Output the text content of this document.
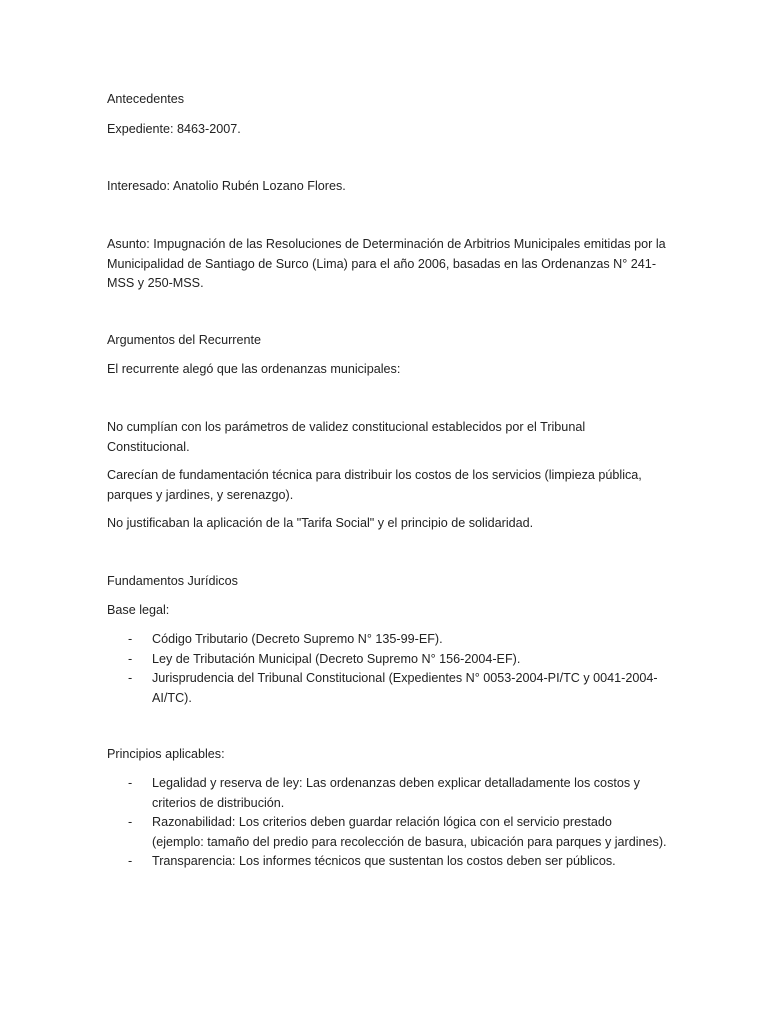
Antecedentes
Expediente: 8463-2007.
Interesado: Anatolio Rubén Lozano Flores.
Asunto: Impugnación de las Resoluciones de Determinación de Arbitrios Municipales emitidas por la Municipalidad de Santiago de Surco (Lima) para el año 2006, basadas en las Ordenanzas N° 241-MSS y 250-MSS.
Argumentos del Recurrente
El recurrente alegó que las ordenanzas municipales:
No cumplían con los parámetros de validez constitucional establecidos por el Tribunal Constitucional.
Carecían de fundamentación técnica para distribuir los costos de los servicios (limpieza pública, parques y jardines, y serenazgo).
No justificaban la aplicación de la "Tarifa Social" y el principio de solidaridad.
Fundamentos Jurídicos
Base legal:
- Código Tributario (Decreto Supremo N° 135-99-EF).
- Ley de Tributación Municipal (Decreto Supremo N° 156-2004-EF).
- Jurisprudencia del Tribunal Constitucional (Expedientes N° 0053-2004-PI/TC y 0041-2004-AI/TC).
Principios aplicables:
- Legalidad y reserva de ley: Las ordenanzas deben explicar detalladamente los costos y criterios de distribución.
- Razonabilidad: Los criterios deben guardar relación lógica con el servicio prestado (ejemplo: tamaño del predio para recolección de basura, ubicación para parques y jardines).
- Transparencia: Los informes técnicos que sustentan los costos deben ser públicos.
